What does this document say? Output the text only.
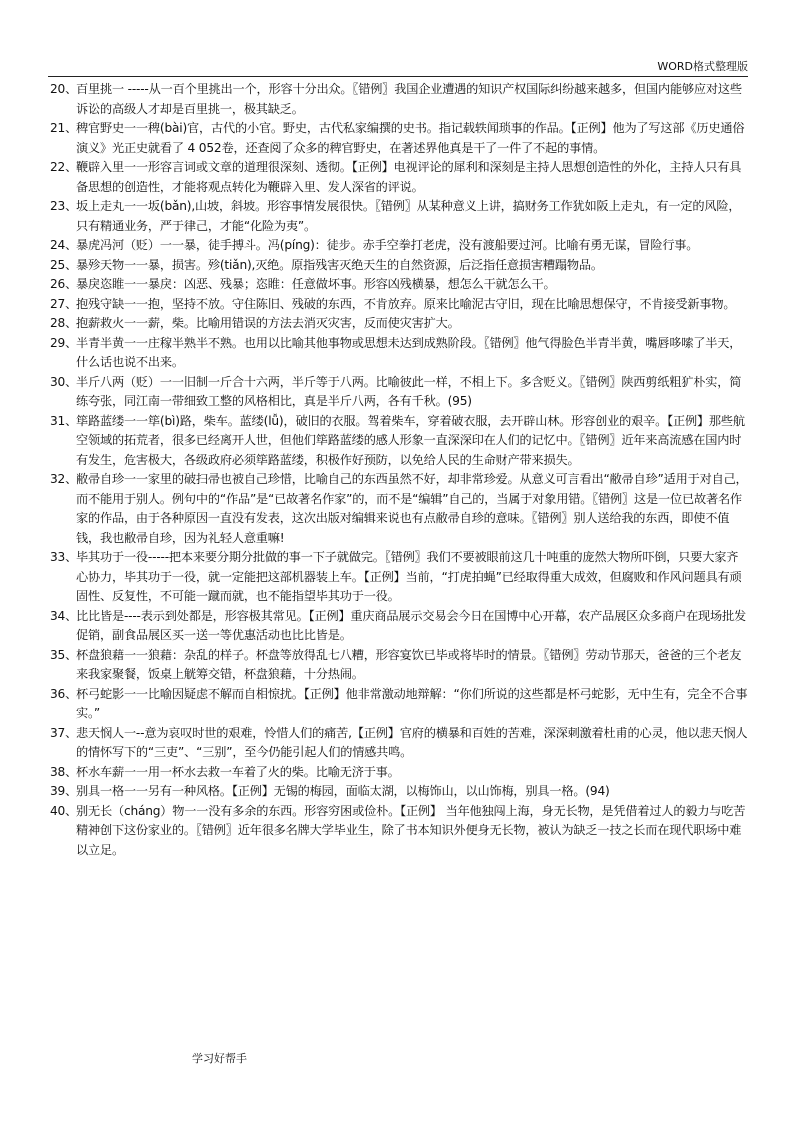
WORD格式整理版
20、
百里挑一 -----从一百个里挑出一个，形容十分出众。〖错例〗我国企业遭遇的知识产权国际纠纷越来越多，但国内能够应对这些诉讼的高级人才却是百里挑一，极其缺乏。
21、
稗官野史一一稗(bài)官，古代的小官。野史，古代私家编撰的史书。指记载轶闻琐事的作品。【正例】他为了写这部《历史通俗演义》光正史就看了 4 052卷，还查阅了众多的稗官野史，在著述界他真是干了一件了不起的事情。
22、
鞭辟入里一一形容言词或文章的道理很深刻、透彻。【正例】电视评论的犀利和深刻是主持人思想创造性的外化，主持人只有具备思想的创造性，才能将观点转化为鞭辟入里、发人深省的评说。
23、
坂上走丸一一坂(bǎn),山坡，斜坡。形容事情发展很快。〖错例〗从某种意义上讲，搞财务工作犹如阪上走丸，有一定的风险，只有精通业务，严于律己，才能“化险为夷”。
24、
暴虎冯河（贬）一一暴，徒手搏斗。冯(píng)：徒步。赤手空拳打老虎，没有渡船要过河。比喻有勇无谋，冒险行事。
25、
暴殄天物一一暴，损害。殄(tiǎn),灭绝。原指残害灭绝天生的自然资源，后泛指任意损害糟蹋物品。
26、
暴戾恣睢一一暴戾：凶恶、残暴；恣睢：任意做坏事。形容凶残横暴，想怎么干就怎么干。
27、
抱残守缺一一抱，坚持不放。守住陈旧、残破的东西，不肯放弃。原来比喻泥古守旧，现在比喻思想保守，不肯接受新事物。
28、
抱薪救火一一薪，柴。比喻用错误的方法去消灭灾害，反而使灾害扩大。
29、
半青半黄一一庄稼半熟半不熟。也用以比喻其他事物或思想未达到成熟阶段。〖错例〗他气得脸色半青半黄，嘴唇哆嗦了半天，什么话也说不出来。
30、
半斤八两（贬）一一旧制一斤合十六两，半斤等于八两。比喻彼此一样，不相上下。多含贬义。〖错例〗陕西剪纸粗犷朴实，简练夸张，同江南一带细致工整的风格相比，真是半斤八两，各有千秋。(95)
31、
筚路蓝缕一一筚(bì)路，柴车。蓝缕(lǚ)，破旧的衣服。驾着柴车，穿着破衣服，去开辟山林。形容创业的艰辛。【正例】那些航空领域的拓荒者，很多已经离开人世，但他们筚路蓝缕的感人形象一直深深印在人们的记忆中。〖错例〗近年来高流感在国内时有发生，危害极大，各级政府必须筚路蓝缕，积极作好预防，以免给人民的生命财产带来损失。
32、
敝帚自珍一一家里的破扫帚也被自己珍惜，比喻自己的东西虽然不好，却非常珍爱。从意义可言看出“敝帚自珍”适用于对自己，而不能用于别人。例句中的“作品”是“已故著名作家”的，而不是“编辑”自己的，当属于对象用错。〖错例〗这是一位已故著名作家的作品，由于各种原因一直没有发表，这次出版对编辑来说也有点敝帚自珍的意味。〖错例〗别人送给我的东西，即使不值钱，我也敝帚自珍，因为礼轻人意重嘛!
33、
毕其功于一役-----把本来要分期分批做的事一下子就做完。〖错例〗我们不要被眼前这几十吨重的庞然大物所吓倒，只要大家齐心协力，毕其功于一役，就一定能把这部机器装上车。【正例】当前，“打虎拍蝇”已经取得重大成效，但腐败和作风问题具有顽固性、反复性，不可能一蹴而就，也不能指望毕其功于一役。
34、
比比皆是----表示到处都是，形容极其常见。【正例】重庆商品展示交易会今日在国博中心开幕，农产品展区众多商户在现场批发促销，副食品展区买一送一等优惠活动也比比皆是。
35、
杯盘狼藉一一狼藉：杂乱的样子。杯盘等放得乱七八糟，形容宴饮已毕或将毕时的情景。〖错例〗劳动节那天，爸爸的三个老友来我家聚餐，饭桌上觥筹交错，杯盘狼藉，十分热闹。
36、
杯弓蛇影一一比喻因疑虑不解而自相惊扰。【正例】他非常激动地辩解：“你们所说的这些都是杯弓蛇影，无中生有，完全不合事实。”
37、
悲天悯人一--意为哀叹时世的艰难，怜惜人们的痛苦,【正例】官府的横暴和百姓的苦难，深深刺激着杜甫的心灵，他以悲天悯人的情怀写下的“三吏”、“三别”，至今仍能引起人们的情感共鸣。
38、
杯水车薪一一用一杯水去救一车着了火的柴。比喻无济于事。
39、
别具一格一一另有一种风格。【正例】无锡的梅园，面临太湖，以梅饰山，以山饰梅，别具一格。(94)
40、
别无长（cháng）物一一没有多余的东西。形容穷困或俭朴。【正例】 当年他独闯上海，身无长物，是凭借着过人的毅力与吃苦精神创下这份家业的。〖错例〗近年很多名牌大学毕业生，除了书本知识外便身无长物，被认为缺乏一技之长而在现代职场中难以立足。
学习好帮手
